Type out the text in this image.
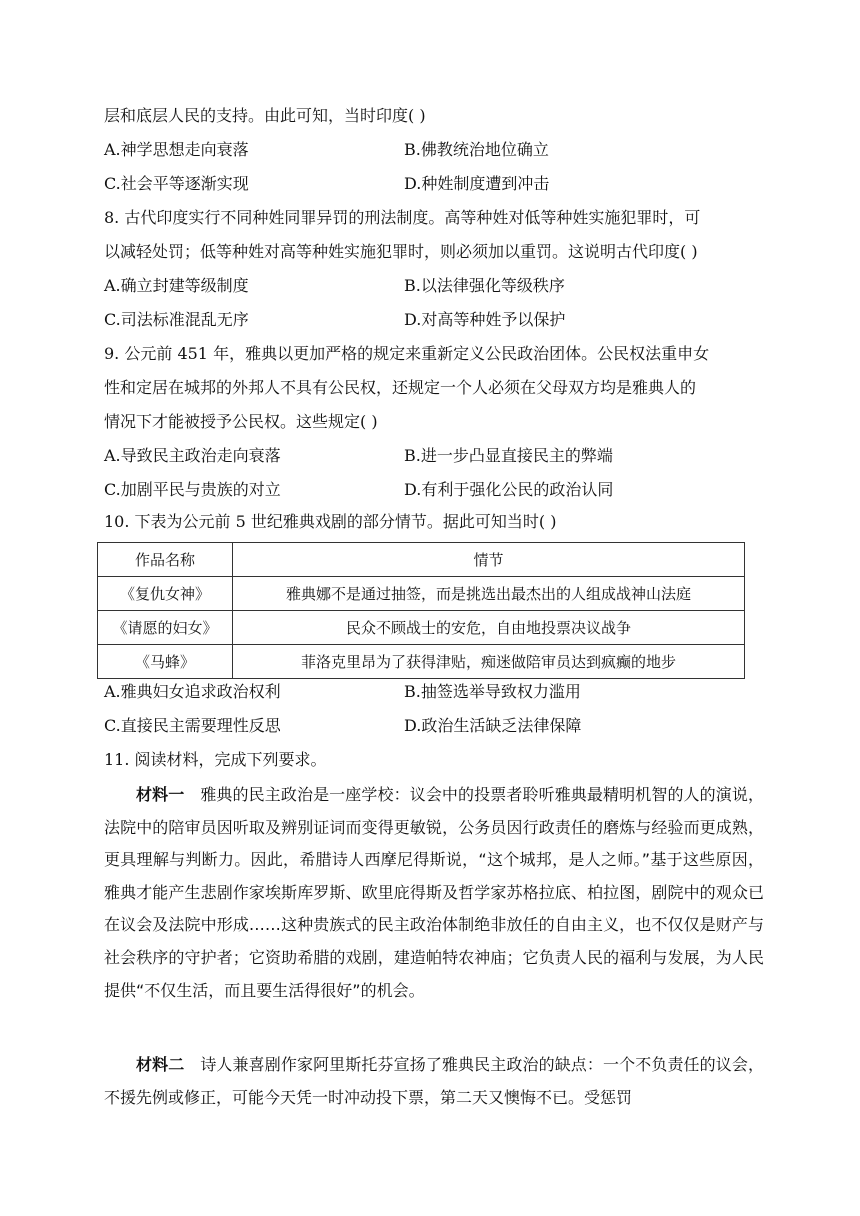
层和底层人民的支持。由此可知，当时印度( )
A.神学思想走向衰落	B.佛教统治地位确立
C.社会平等逐渐实现	D.种姓制度遭到冲击
8. 古代印度实行不同种姓同罪异罚的刑法制度。高等种姓对低等种姓实施犯罪时，可
以减轻处罚；低等种姓对高等种姓实施犯罪时，则必须加以重罚。这说明古代印度( )
A.确立封建等级制度	B.以法律强化等级秩序
C.司法标准混乱无序	D.对高等种姓予以保护
9. 公元前 451 年，雅典以更加严格的规定来重新定义公民政治团体。公民权法重申女
性和定居在城邦的外邦人不具有公民权，还规定一个人必须在父母双方均是雅典人的
情况下才能被授予公民权。这些规定( )
A.导致民主政治走向衰落	B.进一步凸显直接民主的弊端
C.加剧平民与贵族的对立	D.有利于强化公民的政治认同
10. 下表为公元前 5 世纪雅典戏剧的部分情节。据此可知当时( )
作品名称	情节
《复仇女神》	雅典娜不是通过抽签，而是挑选出最杰出的人组成战神山法庭
《请愿的妇女》	民众不顾战士的安危，自由地投票决议战争
《马蜂》	菲洛克里昂为了获得津贴，痴迷做陪审员达到疯癫的地步
A.雅典妇女追求政治权利	B.抽签选举导致权力滥用
C.直接民主需要理性反思	D.政治生活缺乏法律保障
11. 阅读材料，完成下列要求。
材料一 雅典的民主政治是一座学校：议会中的投票者聆听雅典最精明机智的人的演说，法院中的陪审员因听取及辨别证词而变得更敏锐，公务员因行政责任的磨炼与经验而更成熟，更具理解与判断力。因此，希腊诗人西摩尼得斯说，“这个城邦，是人之师。”基于这些原因，雅典才能产生悲剧作家埃斯库罗斯、欧里庇得斯及哲学家苏格拉底、柏拉图，剧院中的观众已在议会及法院中形成……这种贵族式的民主政治体制绝非放任的自由主义，也不仅仅是财产与社会秩序的守护者；它资助希腊的戏剧，建造帕特农神庙；它负责人民的福利与发展，为人民提供“不仅生活，而且要生活得很好”的机会。
材料二 诗人兼喜剧作家阿里斯托芬宣扬了雅典民主政治的缺点：一个不负责任的议会，不援先例或修正，可能今天凭一时冲动投下票，第二天又懊悔不已。受惩罚
